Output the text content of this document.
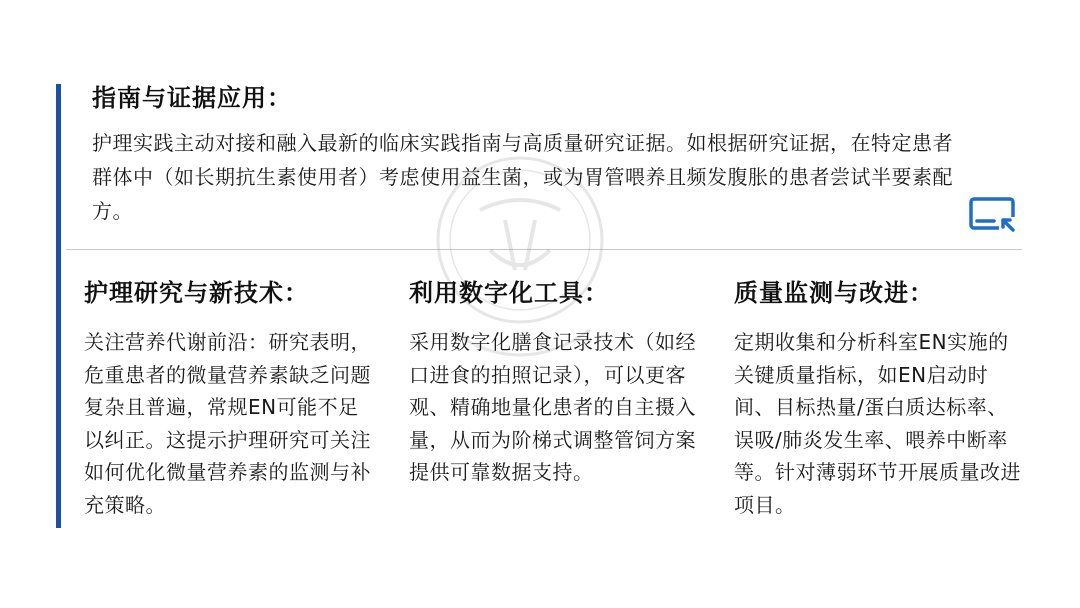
指南与证据应用：
护理实践主动对接和融入最新的临床实践指南与高质量研究证据。如根据研究证据，在特定患者群体中（如长期抗生素使用者）考虑使用益生菌，或为胃管喂养且频发腹胀的患者尝试半要素配方。
护理研究与新技术：
关注营养代谢前沿：研究表明，危重患者的微量营养素缺乏问题复杂且普遍，常规EN可能不足以纠正。这提示护理研究可关注如何优化微量营养素的监测与补充策略。
利用数字化工具：
采用数字化膳食记录技术（如经口进食的拍照记录），可以更客观、精确地量化患者的自主摄入量，从而为阶梯式调整管饲方案提供可靠数据支持。
质量监测与改进：
定期收集和分析科室EN实施的关键质量指标，如EN启动时间、目标热量/蛋白质达标率、误吸/肺炎发生率、喂养中断率等。针对薄弱环节开展质量改进项目。
